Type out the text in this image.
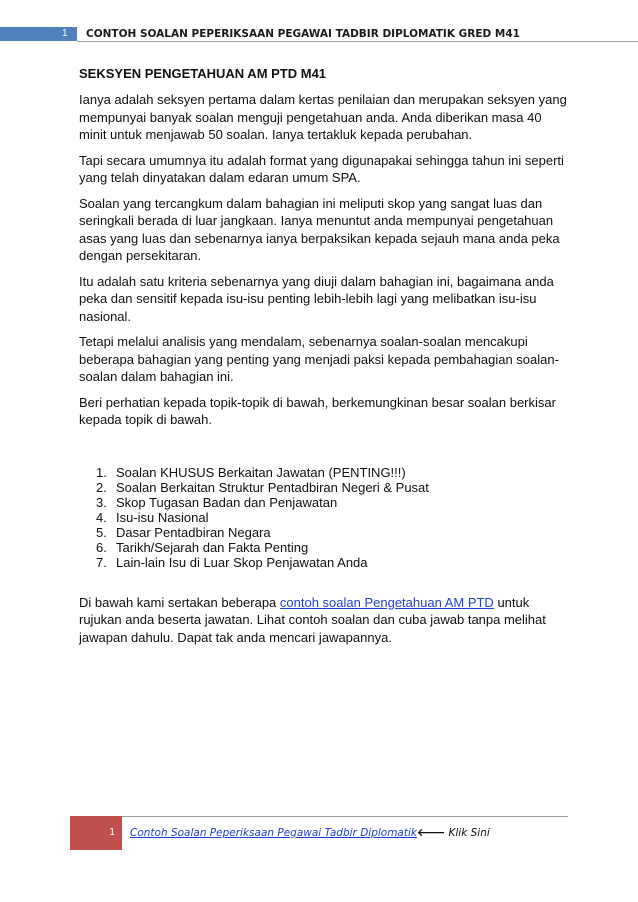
1 CONTOH SOALAN PEPERIKSAAN PEGAWAI TADBIR DIPLOMATIK GRED M41
SEKSYEN PENGETAHUAN AM PTD M41

Ianya adalah seksyen pertama dalam kertas penilaian dan merupakan seksyen yang mempunyai banyak soalan menguji pengetahuan anda. Anda diberikan masa 40 minit untuk menjawab 50 soalan. Ianya tertakluk kepada perubahan.

Tapi secara umumnya itu adalah format yang digunapakai sehingga tahun ini seperti yang telah dinyatakan dalam edaran umum SPA.

Soalan yang tercangkum dalam bahagian ini meliputi skop yang sangat luas dan seringkali berada di luar jangkaan. Ianya menuntut anda mempunyai pengetahuan asas yang luas dan sebenarnya ianya berpaksikan kepada sejauh mana anda peka dengan persekitaran.

Itu adalah satu kriteria sebenarnya yang diuji dalam bahagian ini, bagaimana anda peka dan sensitif kepada isu-isu penting lebih-lebih lagi yang melibatkan isu-isu nasional.

Tetapi melalui analisis yang mendalam, sebenarnya soalan-soalan mencakupi beberapa bahagian yang penting yang menjadi paksi kepada pembahagian soalan-soalan dalam bahagian ini.

Beri perhatian kepada topik-topik di bawah, berkemungkinan besar soalan berkisar kepada topik di bawah.

1. Soalan KHUSUS Berkaitan Jawatan (PENTING!!!)
2. Soalan Berkaitan Struktur Pentadbiran Negeri & Pusat
3. Skop Tugasan Badan dan Penjawatan
4. Isu-isu Nasional
5. Dasar Pentadbiran Negara
6. Tarikh/Sejarah dan Fakta Penting
7. Lain-lain Isu di Luar Skop Penjawatan Anda

Di bawah kami sertakan beberapa contoh soalan Pengetahuan AM PTD untuk rujukan anda beserta jawatan. Lihat contoh soalan dan cuba jawab tanpa melihat jawapan dahulu. Dapat tak anda mencari jawapannya.

1 Contoh Soalan Peperiksaan Pegawai Tadbir Diplomatik🡐 Klik Sini
